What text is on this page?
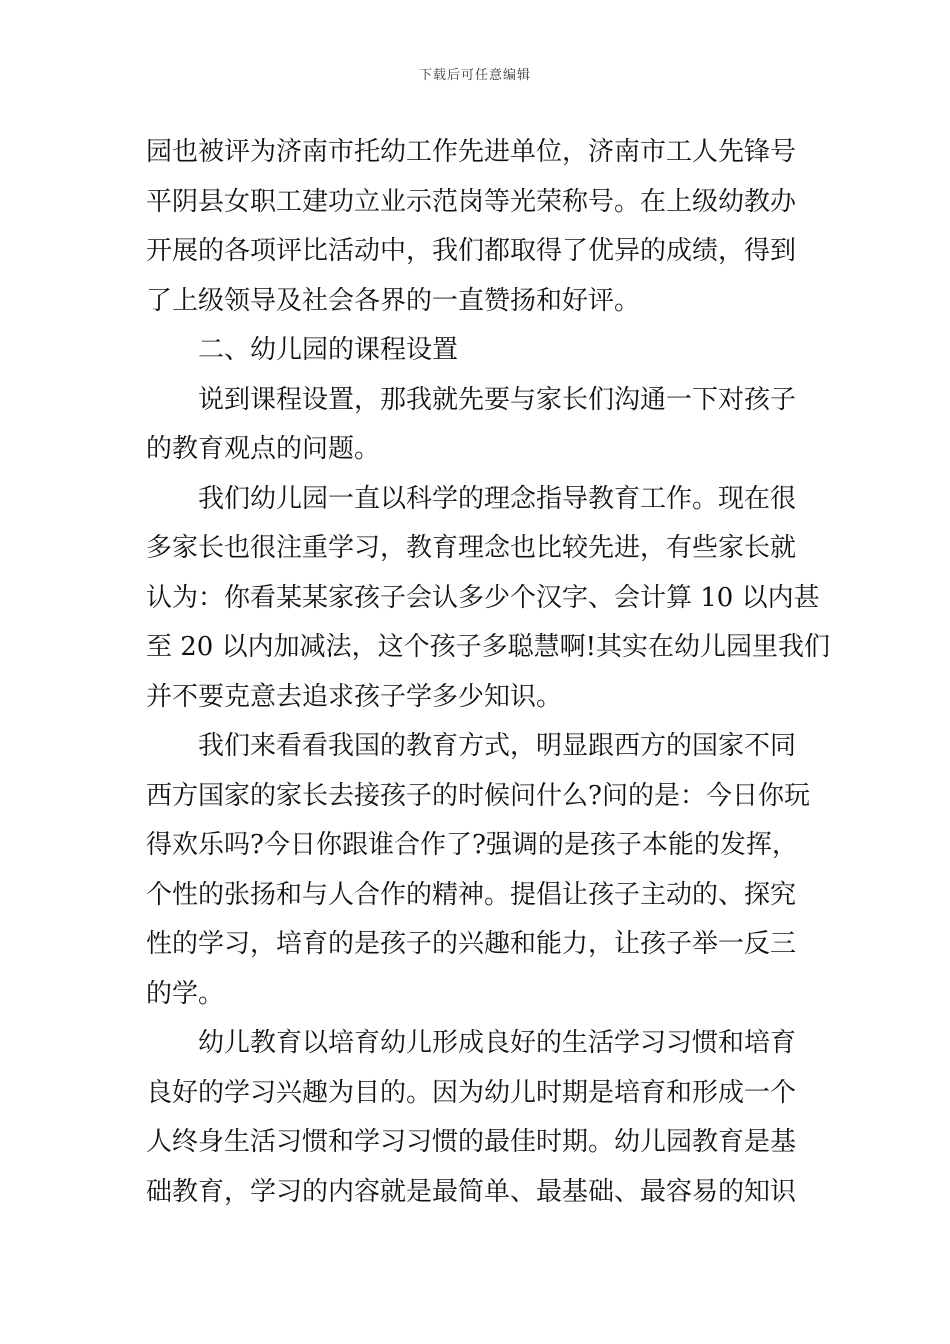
下载后可任意编辑
园也被评为济南市托幼工作先进单位，济南市工人先锋号
平阴县女职工建功立业示范岗等光荣称号。在上级幼教办
开展的各项评比活动中，我们都取得了优异的成绩，得到
了上级领导及社会各界的一直赞扬和好评。
二、幼儿园的课程设置
说到课程设置，那我就先要与家长们沟通一下对孩子
的教育观点的问题。
我们幼儿园一直以科学的理念指导教育工作。现在很
多家长也很注重学习，教育理念也比较先进，有些家长就
认为：你看某某家孩子会认多少个汉字、会计算 10 以内甚
至 20 以内加减法，这个孩子多聪慧啊!其实在幼儿园里我们
并不要克意去追求孩子学多少知识。
我们来看看我国的教育方式，明显跟西方的国家不同
西方国家的家长去接孩子的时候问什么?问的是：今日你玩
得欢乐吗?今日你跟谁合作了?强调的是孩子本能的发挥，
个性的张扬和与人合作的精神。提倡让孩子主动的、探究
性的学习，培育的是孩子的兴趣和能力，让孩子举一反三
的学。
幼儿教育以培育幼儿形成良好的生活学习习惯和培育
良好的学习兴趣为目的。因为幼儿时期是培育和形成一个
人终身生活习惯和学习习惯的最佳时期。幼儿园教育是基
础教育，学习的内容就是最简单、最基础、最容易的知识
